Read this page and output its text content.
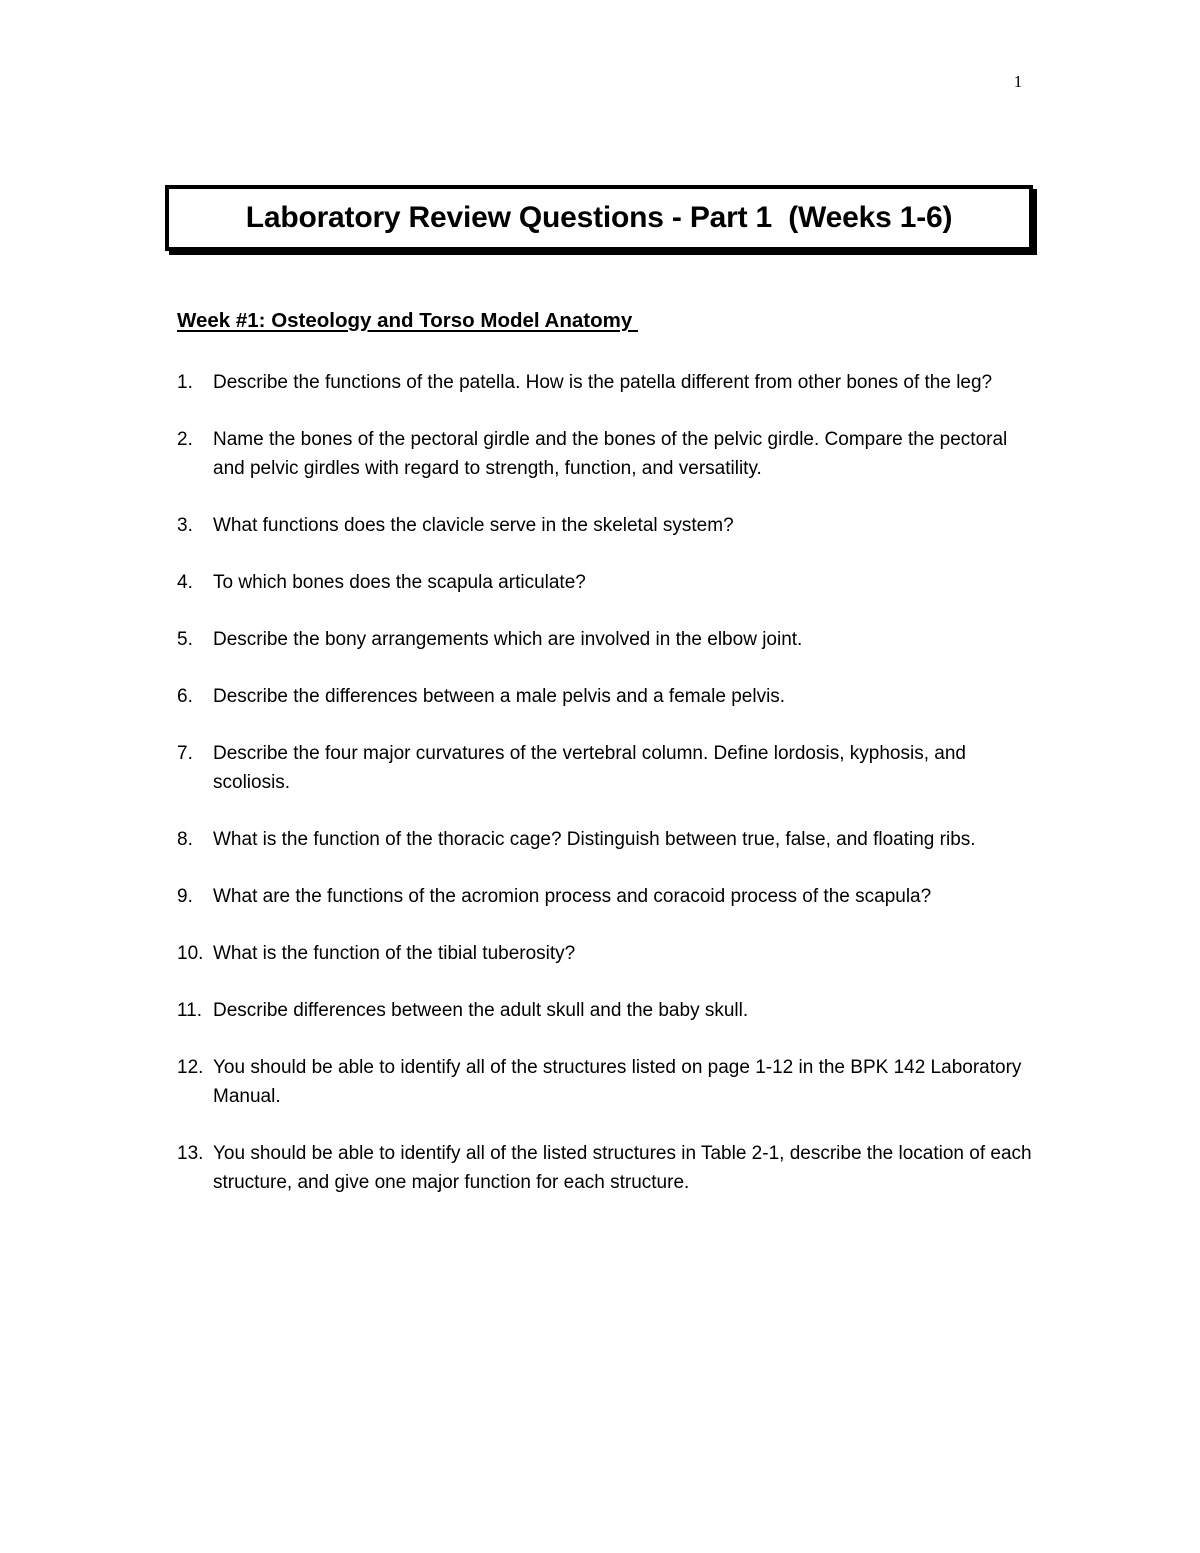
1
Laboratory Review Questions - Part 1  (Weeks 1-6)
Week #1: Osteology and Torso Model Anatomy
1.	Describe the functions of the patella. How is the patella different from other bones of the leg?
2.	Name the bones of the pectoral girdle and the bones of the pelvic girdle. Compare the pectoral and pelvic girdles with regard to strength, function, and versatility.
3.	What functions does the clavicle serve in the skeletal system?
4.	To which bones does the scapula articulate?
5.	Describe the bony arrangements which are involved in the elbow joint.
6.	Describe the differences between a male pelvis and a female pelvis.
7.	Describe the four major curvatures of the vertebral column. Define lordosis, kyphosis, and scoliosis.
8.	What is the function of the thoracic cage? Distinguish between true, false, and floating ribs.
9.	What are the functions of the acromion process and coracoid process of the scapula?
10. What is the function of the tibial tuberosity?
11. Describe differences between the adult skull and the baby skull.
12. You should be able to identify all of the structures listed on page 1-12 in the BPK 142 Laboratory Manual.
13. You should be able to identify all of the listed structures in Table 2-1, describe the location of each structure, and give one major function for each structure.
